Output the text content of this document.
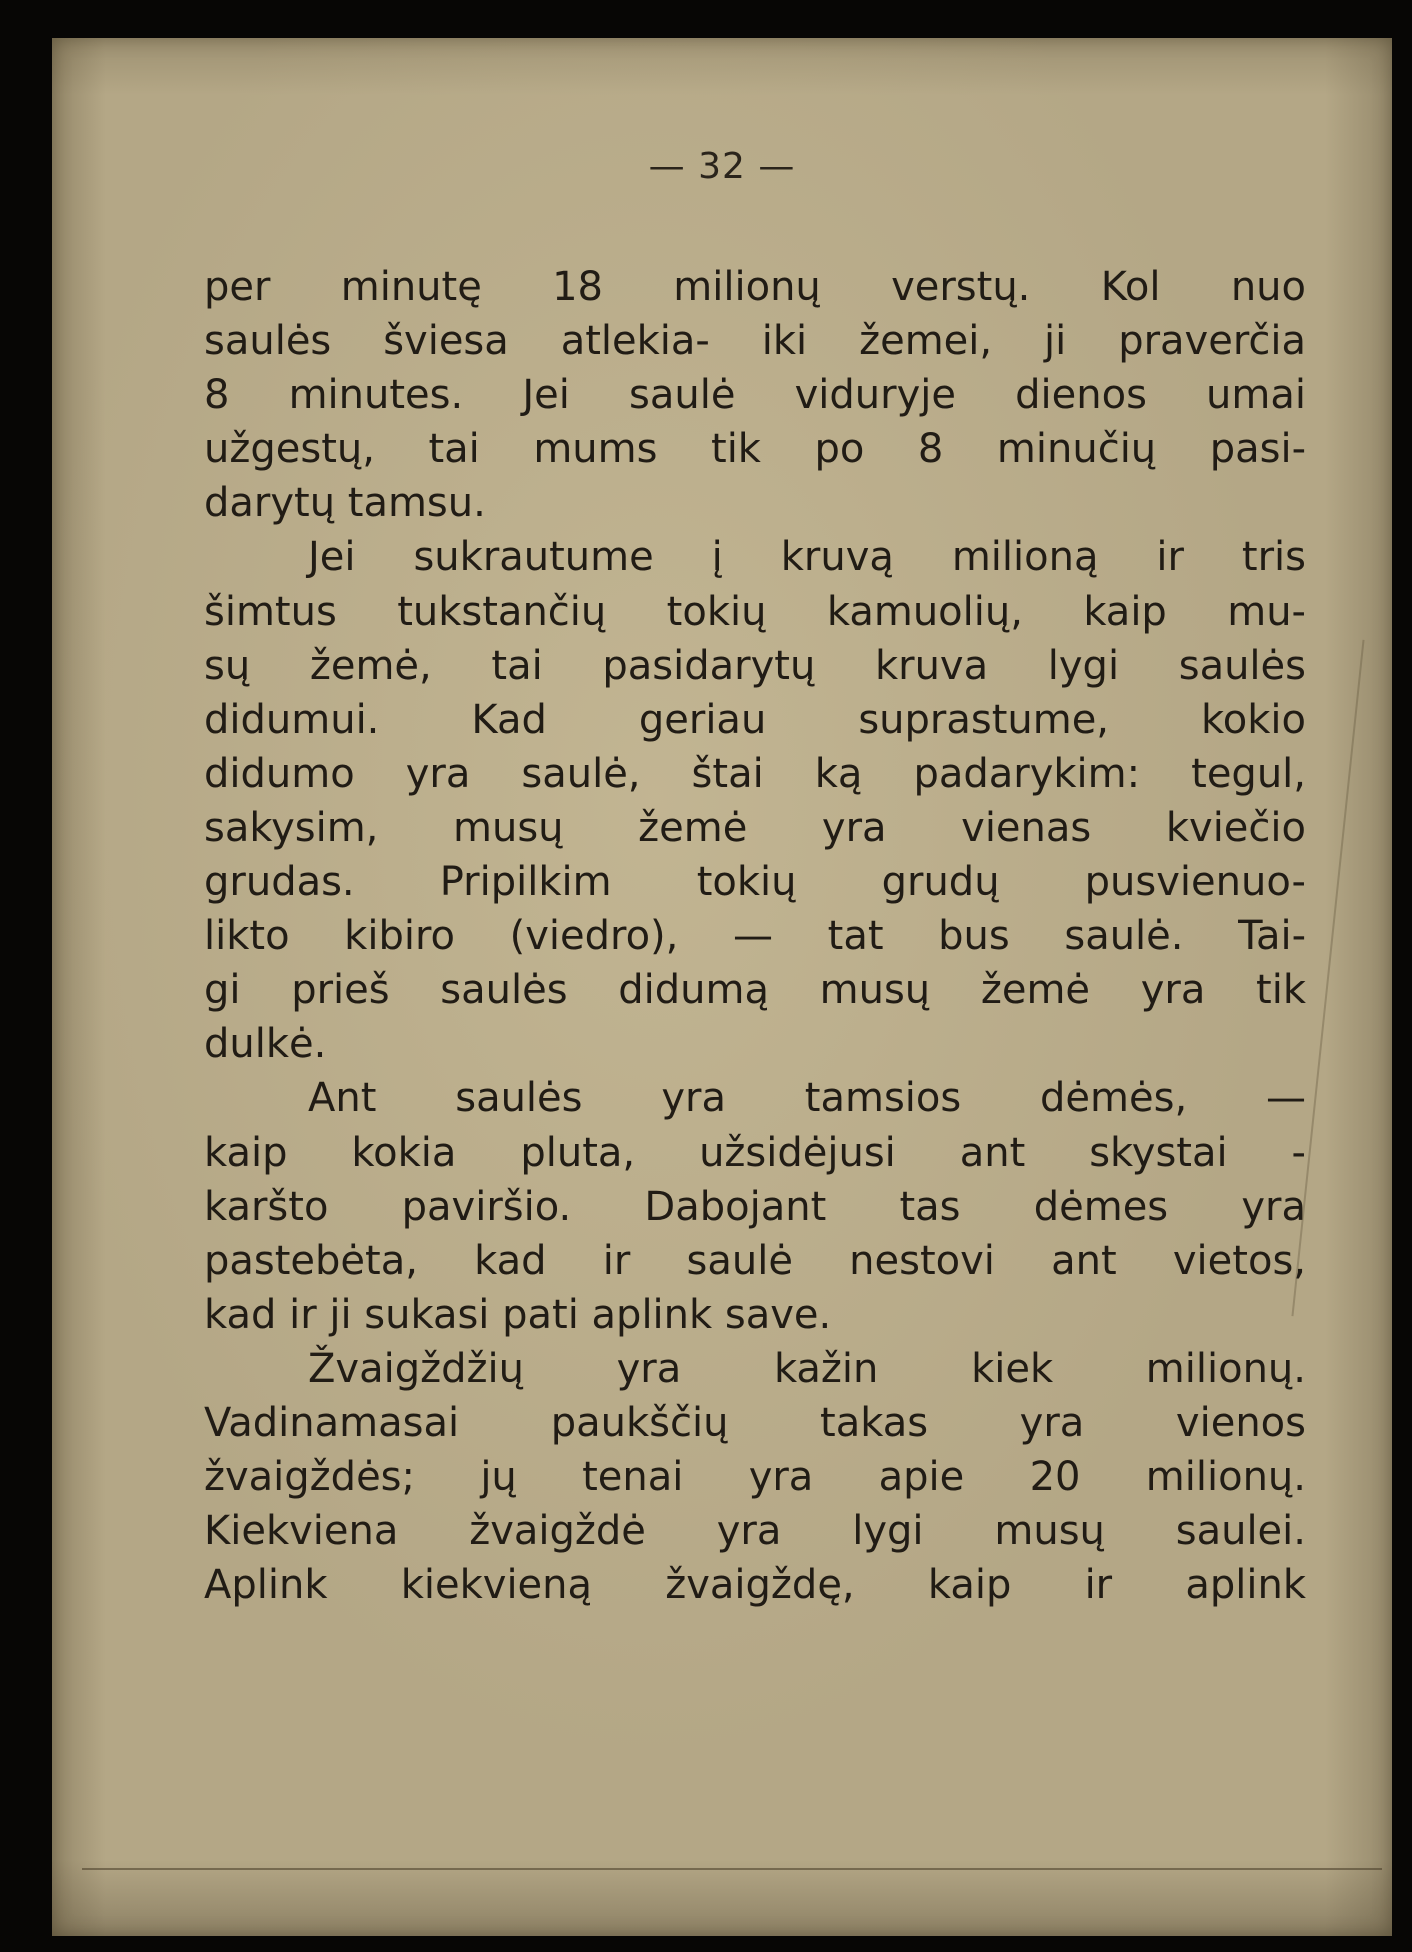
— 32 —
per minutę 18 milionų verstų. Kol nuo
saulės šviesa atlekia- iki žemei, ji praverčia
8 minutes. Jei saulė viduryje dienos umai
užgestų, tai mums tik po 8 minučių pasi-
darytų tamsu.
Jei sukrautume į kruvą milioną ir tris
šimtus tukstančių tokių kamuolių, kaip mu-
sų žemė, tai pasidarytų kruva lygi saulės
didumui. Kad geriau suprastume, kokio
didumo yra saulė, štai ką padarykim: tegul,
sakysim, musų žemė yra vienas kviečio
grudas. Pripilkim tokių grudų pusvienuo-
likto kibiro (viedro), — tat bus saulė. Tai-
gi prieš saulės didumą musų žemė yra tik
dulkė.
Ant saulės yra tamsios dėmės, —
kaip kokia pluta, užsidėjusi ant skystai -
karšto paviršio. Dabojant tas dėmes yra
pastebėta, kad ir saulė nestovi ant vietos,
kad ir ji sukasi pati aplink save.
Žvaigždžių yra kažin kiek milionų.
Vadinamasai paukščių takas yra vienos
žvaigždės; jų tenai yra apie 20 milionų.
Kiekviena žvaigždė yra lygi musų saulei.
Aplink kiekvieną žvaigždę, kaip ir aplink
